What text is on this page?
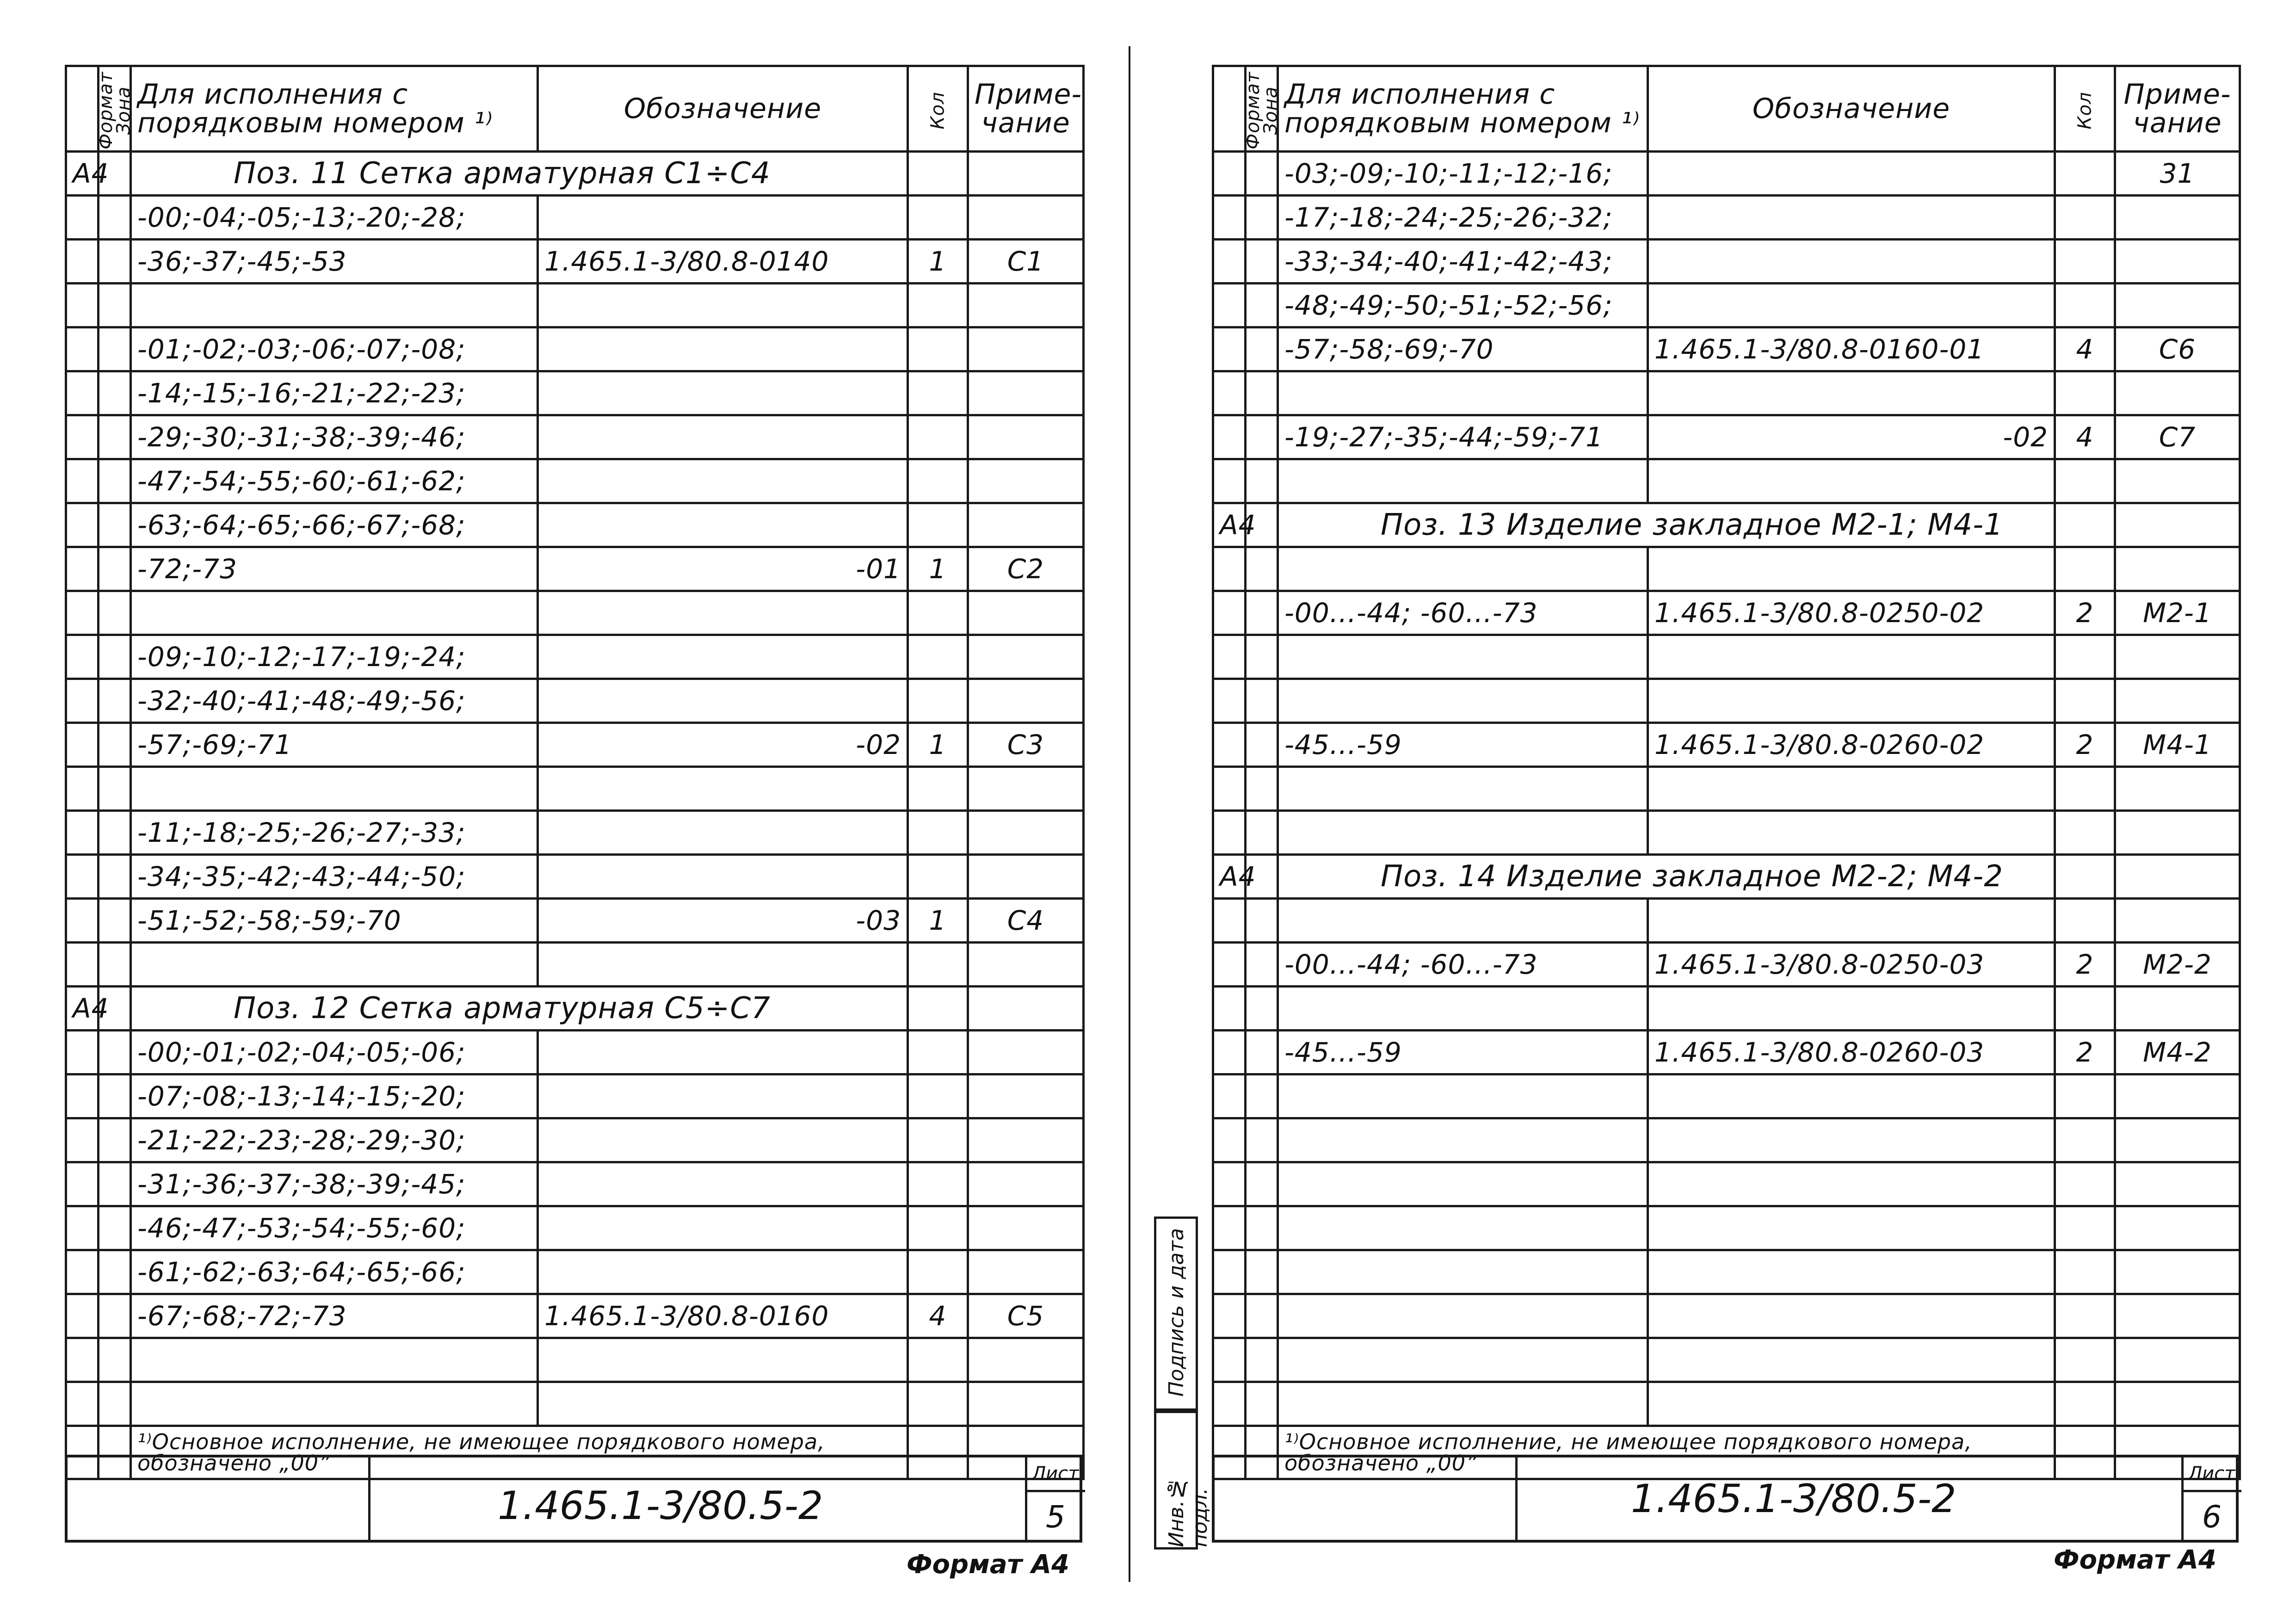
Формат	Зона	Для исполнения с порядковым номером ¹⁾	Обозначение	Кол	Приме-чание
А4		Поз. 11 Сетка арматурная С1÷С4			
		-00;-04;-05;-13;-20;-28;			
		-36;-37;-45;-53	1.465.1-3/80.8-0140	1	С1

		-01;-02;-03;-06;-07;-08;			
		-14;-15;-16;-21;-22;-23;			
		-29;-30;-31;-38;-39;-46;			
		-47;-54;-55;-60;-61;-62;			
		-63;-64;-65;-66;-67;-68;			
		-72;-73	-01	1	С2

		-09;-10;-12;-17;-19;-24;			
		-32;-40;-41;-48;-49;-56;			
		-57;-69;-71	-02	1	С3

		-11;-18;-25;-26;-27;-33;			
		-34;-35;-42;-43;-44;-50;			
		-51;-52;-58;-59;-70	-03	1	С4

А4		Поз. 12 Сетка арматурная С5÷С7			
		-00;-01;-02;-04;-05;-06;			
		-07;-08;-13;-14;-15;-20;			
		-21;-22;-23;-28;-29;-30;			
		-31;-36;-37;-38;-39;-45;			
		-46;-47;-53;-54;-55;-60;			
		-61;-62;-63;-64;-65;-66;			
		-67;-68;-72;-73	1.465.1-3/80.8-0160	4	С5

		¹⁾Основное исполнение, не имеющее порядкового номера, обозначено „00”			
1.465.1-3/80.5-2
Лист
5
Формат А4
Подпись и дата
Инв.№ подл.
Формат	Зона	Для исполнения с порядковым номером ¹⁾	Обозначение	Кол	Приме-чание
		-03;-09;-10;-11;-12;-16;			31
		-17;-18;-24;-25;-26;-32;			
		-33;-34;-40;-41;-42;-43;			
		-48;-49;-50;-51;-52;-56;			
		-57;-58;-69;-70	1.465.1-3/80.8-0160-01	4	С6

		-19;-27;-35;-44;-59;-71	-02	4	С7

А4		Поз. 13 Изделие закладное М2-1; М4-1			

		-00...-44; -60...-73	1.465.1-3/80.8-0250-02	2	М2-1

		-45...-59	1.465.1-3/80.8-0260-02	2	М4-1

А4		Поз. 14 Изделие закладное М2-2; М4-2			

		-00...-44; -60...-73	1.465.1-3/80.8-0250-03	2	М2-2

		-45...-59	1.465.1-3/80.8-0260-03	2	М4-2

		¹⁾Основное исполнение, не имеющее порядкового номера, обозначено „00”			
1.465.1-3/80.5-2
Лист
6
Формат А4
